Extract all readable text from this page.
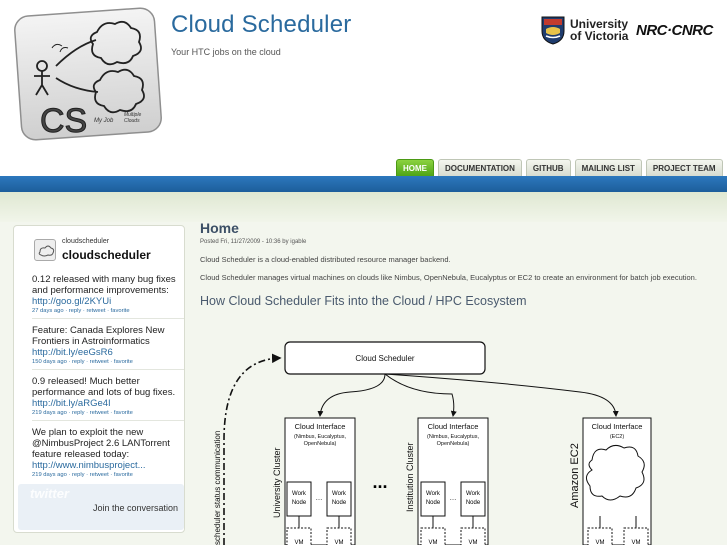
CS My Job
Multiple
Clouds
Cloud Scheduler
Your HTC jobs on the cloud
University
of Victoria NRC·CNRC
HOME	DOCUMENTATION	GITHUB	MAILING LIST	PROJECT TEAM
cloudscheduler
cloudscheduler
0.12 released with many bug fixes and performance improvements:
http://goo.gl/2KYUi
27 days ago · reply · retweet · favorite
Feature: Canada Explores New Frontiers in Astroinformatics
http://bit.ly/eeGsR6
150 days ago · reply · retweet · favorite
0.9 released! Much better performance and lots of bug fixes.
http://bit.ly/aRGe4I
219 days ago · reply · retweet · favorite
We plan to exploit the new @NimbusProject 2.6 LANTorrent feature released today:
http://www.nimbusproject...
219 days ago · reply · retweet · favorite
twitter
Join the conversation
Home
Posted Fri, 11/27/2009 - 10:36 by igable
Cloud Scheduler is a cloud-enabled distributed resource manager backend.
Cloud Scheduler manages virtual machines on clouds like Nimbus, OpenNebula, Eucalyptus or EC2 to create an environment for batch job execution.
How Cloud Scheduler Fits into the Cloud / HPC Ecosystem
Cloud Scheduler
scheduler status communication	University Cluster
Cloud Interface
(Nimbus, Eucalyptus,
OpenNebula)
Work
Node
…
Work
Node
VM	VM
... Institution Cluster
Cloud Interface
(Nimbus, Eucalyptus,
OpenNebula)
Work
Node
…
Work
Node
VM	VM
Amazon EC2
Cloud Interface
(EC2)
VM	VM
